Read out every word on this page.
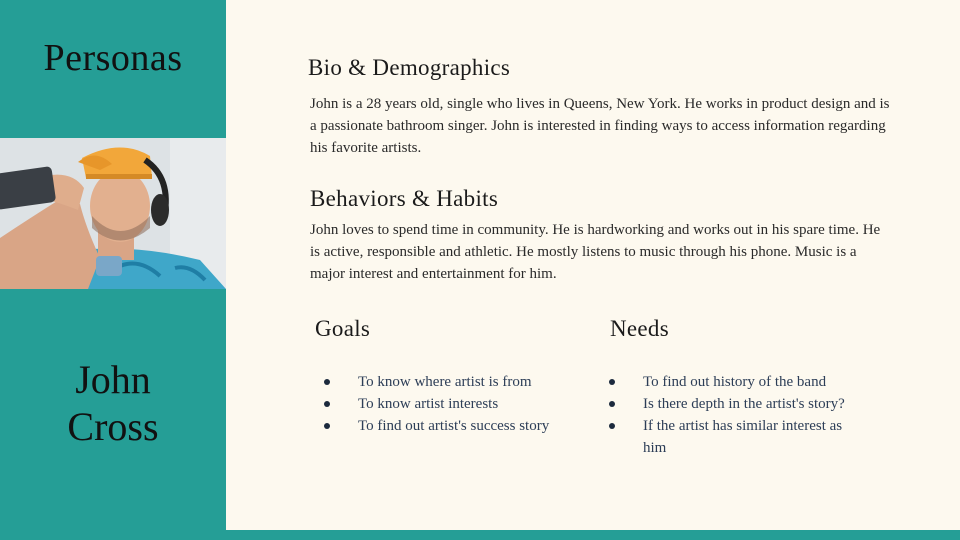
Personas
John
Cross
Bio & Demographics
John is a 28 years old, single who lives in Queens, New York. He works in product design and is a passionate bathroom singer. John is interested in finding ways to access information regarding his favorite artists.
Behaviors & Habits
John loves to spend time in community. He is hardworking and works out in his spare time. He is active, responsible and athletic. He mostly listens to music through his phone. Music is a major interest and entertainment for him.
Goals
To know where artist is from
To know artist interests
To find out artist's success story
Needs
To find out history of the band
Is there depth in the artist's story?
If the artist has similar interest as him
